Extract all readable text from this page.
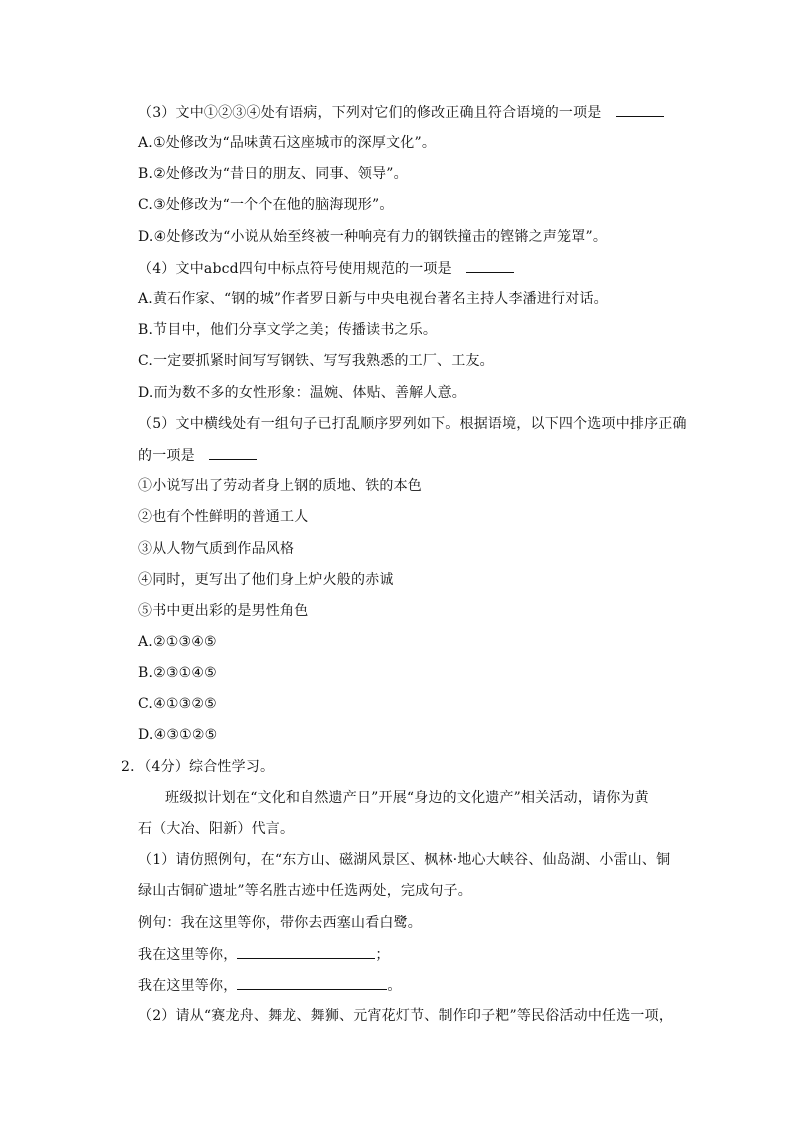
（3）文中①②③④处有语病，下列对它们的修改正确且符合语境的一项是
A.①处修改为“品味黄石这座城市的深厚文化”。
B.②处修改为“昔日的朋友、同事、领导”。
C.③处修改为“一个个在他的脑海现形”。
D.④处修改为“小说从始至终被一种响亮有力的钢铁撞击的铿锵之声笼罩”。
（4）文中abcd四句中标点符号使用规范的一项是
A.黄石作家、“钢的城”作者罗日新与中央电视台著名主持人李潘进行对话。
B.节目中，他们分享文学之美；传播读书之乐。
C.一定要抓紧时间写写钢铁、写写我熟悉的工厂、工友。
D.而为数不多的女性形象：温婉、体贴、善解人意。
（5）文中横线处有一组句子已打乱顺序罗列如下。根据语境，以下四个选项中排序正确
的一项是
①小说写出了劳动者身上钢的质地、铁的本色
②也有个性鲜明的普通工人
③从人物气质到作品风格
④同时，更写出了他们身上炉火般的赤诚
⑤书中更出彩的是男性角色
A.②①③④⑤
B.②③①④⑤
C.④①③②⑤
D.④③①②⑤
2．（4分）综合性学习。
班级拟计划在“文化和自然遗产日”开展“身边的文化遗产”相关活动，请你为黄
石（大冶、阳新）代言。
（1）请仿照例句，在“东方山、磁湖风景区、枫林·地心大峡谷、仙岛湖、小雷山、铜
绿山古铜矿遗址”等名胜古迹中任选两处，完成句子。
例句：我在这里等你，带你去西塞山看白鹭。
我在这里等你，	；
我在这里等你，	。
（2）请从“赛龙舟、舞龙、舞狮、元宵花灯节、制作印子粑”等民俗活动中任选一项，
